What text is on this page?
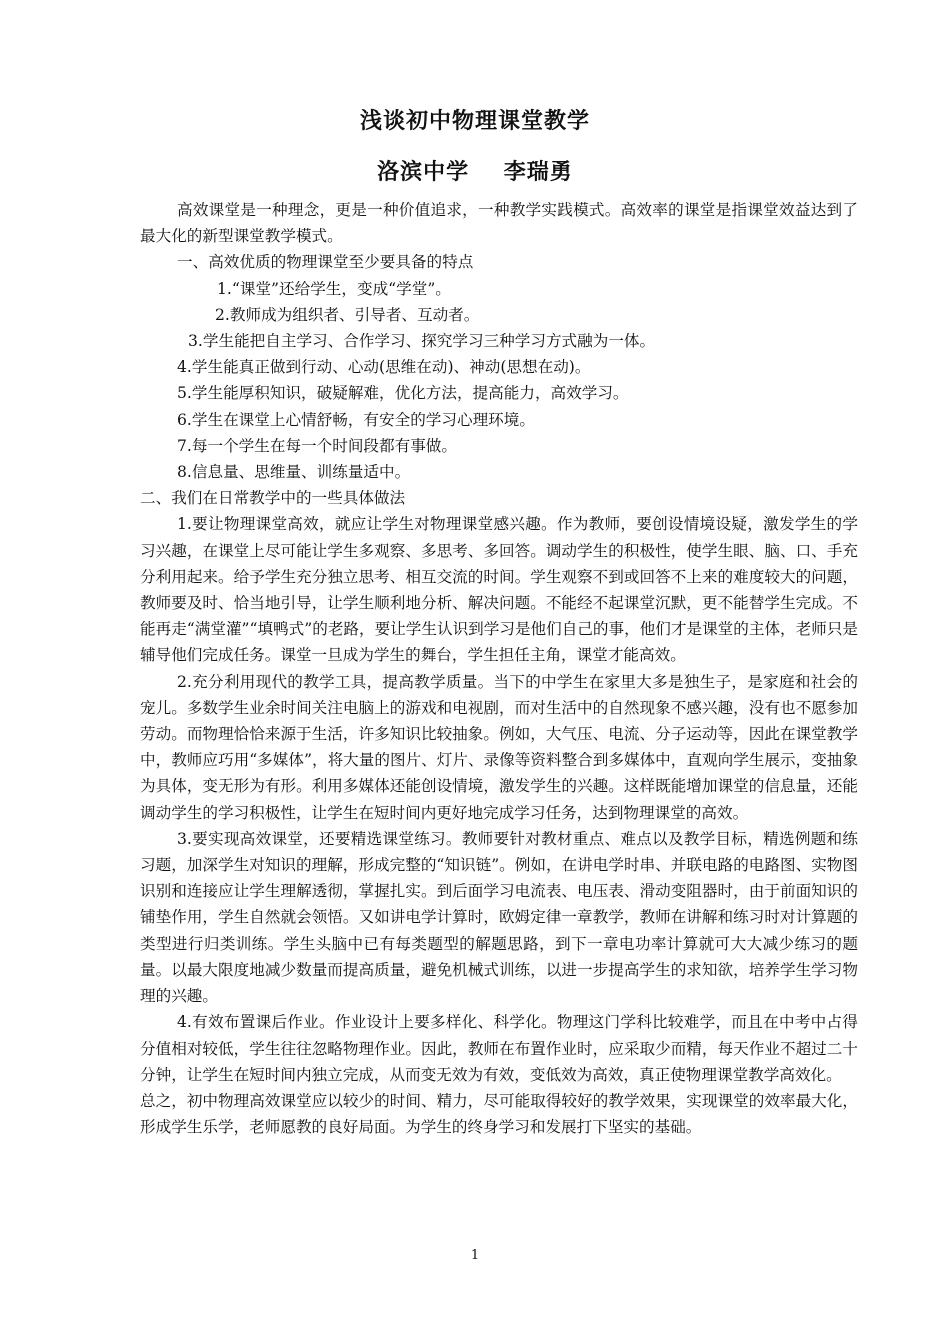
浅谈初中物理课堂教学
洛滨中学    李瑞勇

高效课堂是一种理念，更是一种价值追求，一种教学实践模式。高效率的课堂是指课堂效益达到了最大化的新型课堂教学模式。

一、高效优质的物理课堂至少要具备的特点

1.“课堂”还给学生，变成“学堂”。

2.教师成为组织者、引导者、互动者。

3.学生能把自主学习、合作学习、探究学习三种学习方式融为一体。

4.学生能真正做到行动、心动(思维在动)、神动(思想在动)。

5.学生能厚积知识，破疑解难，优化方法，提高能力，高效学习。

6.学生在课堂上心情舒畅，有安全的学习心理环境。

7.每一个学生在每一个时间段都有事做。

8.信息量、思维量、训练量适中。

二、我们在日常教学中的一些具体做法

1.要让物理课堂高效，就应让学生对物理课堂感兴趣。作为教师，要创设情境设疑，激发学生的学习兴趣，在课堂上尽可能让学生多观察、多思考、多回答。调动学生的积极性，使学生眼、脑、口、手充分利用起来。给予学生充分独立思考、相互交流的时间。学生观察不到或回答不上来的难度较大的问题，教师要及时、恰当地引导，让学生顺利地分析、解决问题。不能经不起课堂沉默，更不能替学生完成。不能再走“满堂灌”“填鸭式”的老路，要让学生认识到学习是他们自己的事，他们才是课堂的主体，老师只是辅导他们完成任务。课堂一旦成为学生的舞台，学生担任主角，课堂才能高效。

2.充分利用现代的教学工具，提高教学质量。当下的中学生在家里大多是独生子，是家庭和社会的宠儿。多数学生业余时间关注电脑上的游戏和电视剧，而对生活中的自然现象不感兴趣，没有也不愿参加劳动。而物理恰恰来源于生活，许多知识比较抽象。例如，大气压、电流、分子运动等，因此在课堂教学中，教师应巧用“多媒体”，将大量的图片、灯片、录像等资料整合到多媒体中，直观向学生展示，变抽象为具体，变无形为有形。利用多媒体还能创设情境，激发学生的兴趣。这样既能增加课堂的信息量，还能调动学生的学习积极性，让学生在短时间内更好地完成学习任务，达到物理课堂的高效。

3.要实现高效课堂，还要精选课堂练习。教师要针对教材重点、难点以及教学目标，精选例题和练习题，加深学生对知识的理解，形成完整的“知识链”。例如，在讲电学时串、并联电路的电路图、实物图识别和连接应让学生理解透彻，掌握扎实。到后面学习电流表、电压表、滑动变阻器时，由于前面知识的铺垫作用，学生自然就会领悟。又如讲电学计算时，欧姆定律一章教学，教师在讲解和练习时对计算题的类型进行归类训练。学生头脑中已有每类题型的解题思路，到下一章电功率计算就可大大减少练习的题量。以最大限度地减少数量而提高质量，避免机械式训练，以进一步提高学生的求知欲，培养学生学习物理的兴趣。

4.有效布置课后作业。作业设计上要多样化、科学化。物理这门学科比较难学，而且在中考中占得分值相对较低，学生往往忽略物理作业。因此，教师在布置作业时，应采取少而精，每天作业不超过二十分钟，让学生在短时间内独立完成，从而变无效为有效，变低效为高效，真正使物理课堂教学高效化。

总之，初中物理高效课堂应以较少的时间、精力，尽可能取得较好的教学效果，实现课堂的效率最大化，形成学生乐学，老师愿教的良好局面。为学生的终身学习和发展打下坚实的基础。

1
